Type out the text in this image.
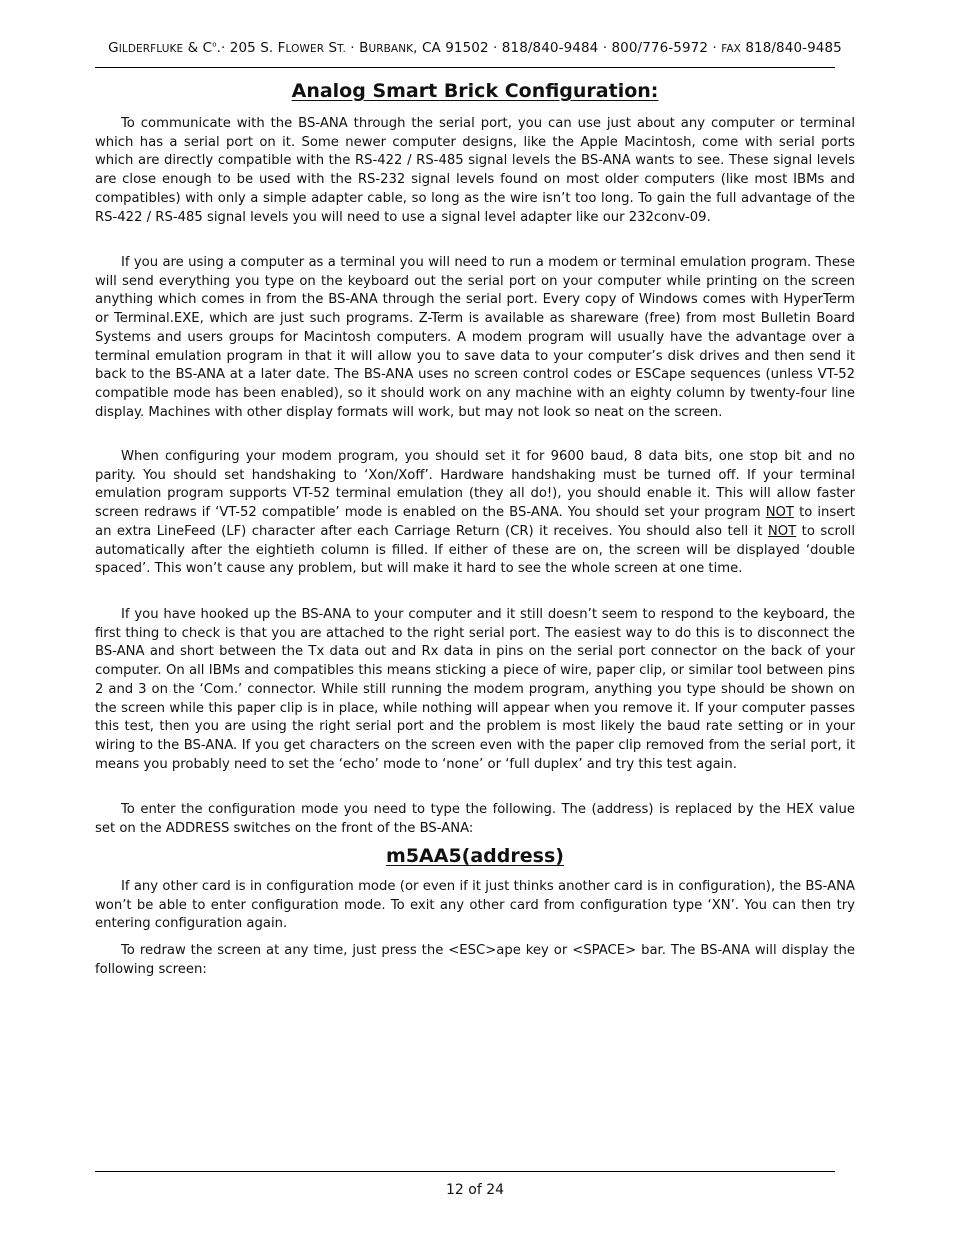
GILDERFLUKE & $C^o.\cdot 205$ S. FLOWER ST. · BURBANK, CA 91502 · 818/840-9484 · 800/776-5972 · FAX 818/840-9485
Analog Smart Brick Configuration:

To communicate with the BS-ANA through the serial port, you can use just about any computer or terminal which has a serial port on it. Some newer computer designs, like the Apple Macintosh, come with serial ports which are directly compatible with the RS-422 / RS-485 signal levels the BS-ANA wants to see. These signal levels are close enough to be used with the RS-232 signal levels found on most older computers (like most IBMs and compatibles) with only a simple adapter cable, so long as the wire isn’t too long. To gain the full advantage of the RS-422 / RS-485 signal levels you will need to use a signal level adapter like our 232conv-09.

If you are using a computer as a terminal you will need to run a modem or terminal emulation program. These will send everything you type on the keyboard out the serial port on your computer while printing on the screen anything which comes in from the BS-ANA through the serial port. Every copy of Windows comes with HyperTerm or Terminal.EXE, which are just such programs. Z-Term is available as shareware (free) from most Bulletin Board Systems and users groups for Macintosh computers. A modem program will usually have the advantage over a terminal emulation program in that it will allow you to save data to your computer’s disk drives and then send it back to the BS-ANA at a later date. The BS-ANA uses no screen control codes or ESCape sequences (unless VT-52 compatible mode has been enabled), so it should work on any machine with an eighty column by twenty-four line display. Machines with other display formats will work, but may not look so neat on the screen.

When configuring your modem program, you should set it for 9600 baud, 8 data bits, one stop bit and no parity. You should set handshaking to ‘Xon/Xoff’. Hardware handshaking must be turned off. If your terminal emulation program supports VT-52 terminal emulation (they all do!), you should enable it. This will allow faster screen redraws if ‘VT-52 compatible’ mode is enabled on the BS-ANA. You should set your program NOT to insert an extra LineFeed (LF) character after each Carriage Return (CR) it receives. You should also tell it NOT to scroll automatically after the eightieth column is filled. If either of these are on, the screen will be displayed ‘double spaced’. This won’t cause any problem, but will make it hard to see the whole screen at one time.

If you have hooked up the BS-ANA to your computer and it still doesn’t seem to respond to the keyboard, the first thing to check is that you are attached to the right serial port. The easiest way to do this is to disconnect the BS-ANA and short between the Tx data out and Rx data in pins on the serial port connector on the back of your computer. On all IBMs and compatibles this means sticking a piece of wire, paper clip, or similar tool between pins 2 and 3 on the ‘Com.’ connector. While still running the modem program, anything you type should be shown on the screen while this paper clip is in place, while nothing will appear when you remove it. If your computer passes this test, then you are using the right serial port and the problem is most likely the baud rate setting or in your wiring to the BS-ANA. If you get characters on the screen even with the paper clip removed from the serial port, it means you probably need to set the ‘echo’ mode to ‘none’ or ‘full duplex’ and try this test again.

To enter the configuration mode you need to type the following. The (address) is replaced by the HEX value set on the ADDRESS switches on the front of the BS-ANA:

m5AA5(address)

If any other card is in configuration mode (or even if it just thinks another card is in configuration), the BS-ANA won’t be able to enter configuration mode. To exit any other card from configuration type ‘XN’. You can then try entering configuration again.

To redraw the screen at any time, just press the <ESC>ape key or <SPACE> bar. The BS-ANA will display the following screen:

12 of 24
